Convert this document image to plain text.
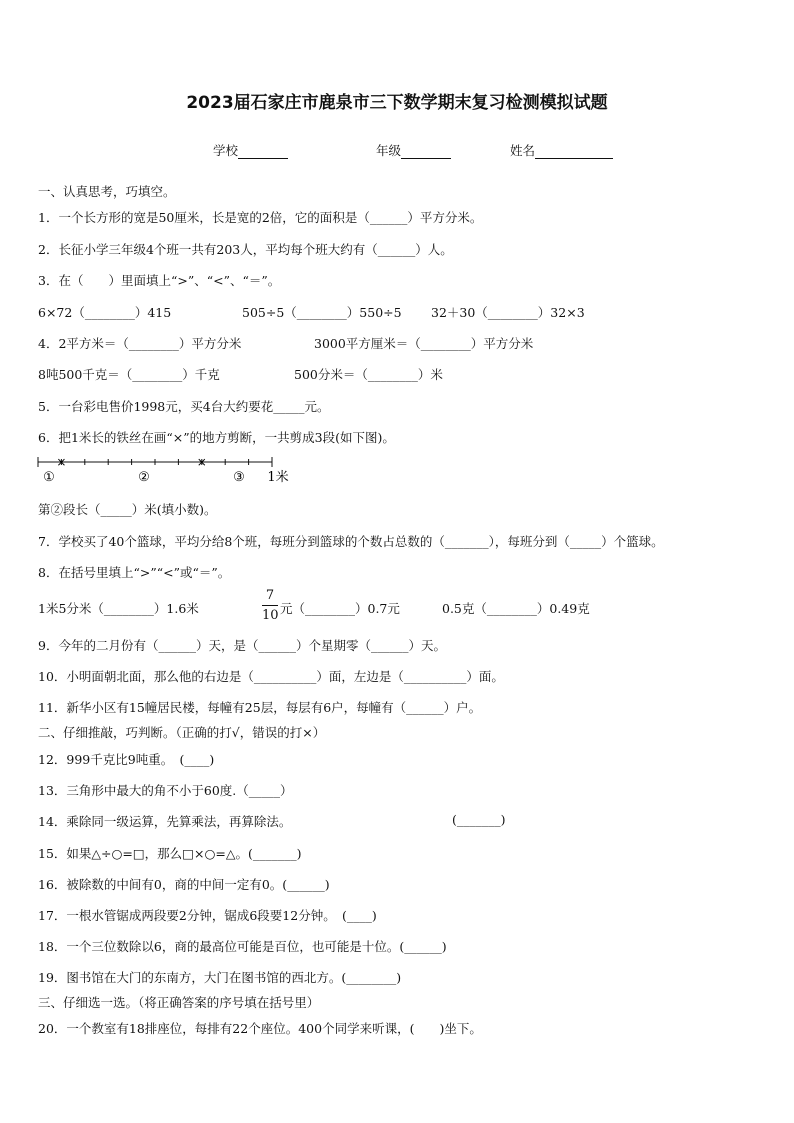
2023届石家庄市鹿泉市三下数学期末复习检测模拟试题
学校	年级	姓名
一、认真思考，巧填空。
1．一个长方形的宽是50厘米，长是宽的2倍，它的面积是（______）平方分米。
2．长征小学三年级4个班一共有203人，平均每个班大约有（______）人。
3．在（　　）里面填上“>”、“<”、“＝”。
6×72（________）415	505÷5（________）550÷5 32＋30（________）32×3
4．2平方米＝（________）平方分米	3000平方厘米＝（________）平方分米
8吨500千克＝（________）千克	500分米＝（________）米
5．一台彩电售价1998元，买4台大约要花_____元。
6．把1米长的铁丝在画“×”的地方剪断，一共剪成3段(如下图)。
×	×
①	②	③ 1米
第②段长（_____）米(填小数)。
7．学校买了40个篮球，平均分给8个班，每班分到篮球的个数占总数的（_______），每班分到（_____）个篮球。
8．在括号里填上“>”“<”或“＝”。
1米5分米（________）1.6米
7
10 元（________）0.7元	0.5克（________）0.49克
9．今年的二月份有（______）天，是（______）个星期零（______）天。
10．小明面朝北面，那么他的右边是（__________）面，左边是（__________）面。
11．新华小区有15幢居民楼，每幢有25层，每层有6户，每幢有（______）户。
二、仔细推敲，巧判断。（正确的打√，错误的打×）
12．999千克比9吨重。　(____)
13．三角形中最大的角不小于60度.（_____）
14．乘除同一级运算，先算乘法，再算除法。	(_______)
15．如果△÷○=□，那么□×○=△。(_______)
16．被除数的中间有0，商的中间一定有0。(______)
17．一根水管锯成两段要2分钟，锯成6段要12分钟。　(____)
18．一个三位数除以6，商的最高位可能是百位，也可能是十位。(______)
19．图书馆在大门的东南方，大门在图书馆的西北方。(________)
三、仔细选一选。（将正确答案的序号填在括号里）
20．一个教室有18排座位，每排有22个座位。400个同学来听课，(　　)坐下。
